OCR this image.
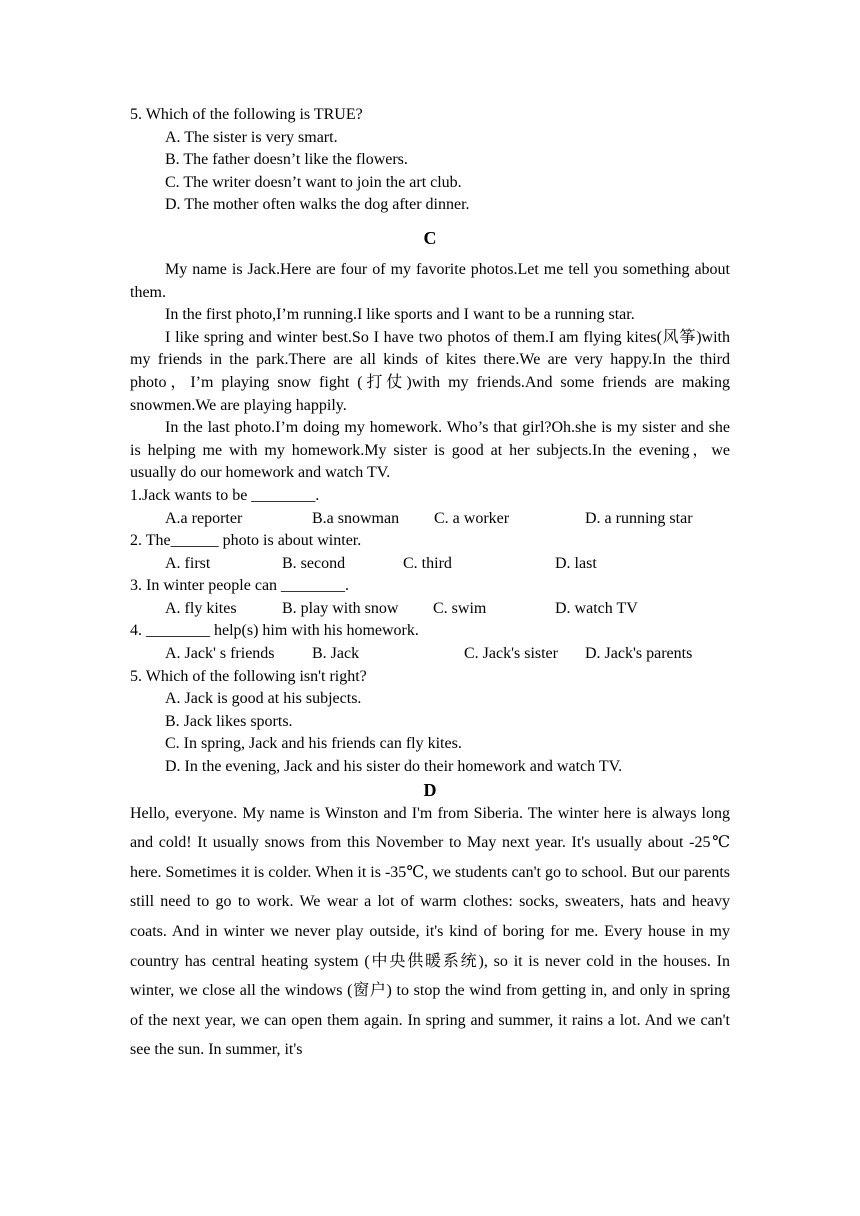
5. Which of the following is TRUE?
A. The sister is very smart.
B. The father doesn’t like the flowers.
C. The writer doesn’t want to join the art club.
D. The mother often walks the dog after dinner.
C
My name is Jack.Here are four of my favorite photos.Let me tell you something about them.
In the first photo,I’m running.I like sports and I want to be a running star.
I like spring and winter best.So I have two photos of them.I am flying kites(风筝)with my friends in the park.There are all kinds of kites there.We are very happy.In the third photo，I’m playing snow fight (打仗)with my friends.And some friends are making snowmen.We are playing happily.
In the last photo.I’m doing my homework. Who’s that girl?Oh.she is my sister and she is helping me with my homework.My sister is good at her subjects.In the evening，we usually do our homework and watch TV.
1.Jack wants to be ________.
A.a reporter	B.a snowman	C. a worker	D. a running star
2. The______ photo is about winter.
A. first	B. second	C. third	D. last
3. In winter people can ________.
A. fly kites	B. play with snow	C. swim	D. watch TV
4. ________ help(s) him with his homework.
A. Jack' s friends	B. Jack	C. Jack's sister	D. Jack's parents
5. Which of the following isn't right?
A. Jack is good at his subjects.
B. Jack likes sports.
C. In spring, Jack and his friends can fly kites.
D. In the evening, Jack and his sister do their homework and watch TV.
D
Hello, everyone. My name is Winston and I'm from Siberia. The winter here is always long and cold! It usually snows from this November to May next year. It's usually about -25℃ here. Sometimes it is colder. When it is -35℃, we students can't go to school. But our parents still need to go to work. We wear a lot of warm clothes: socks, sweaters, hats and heavy coats. And in winter we never play outside, it's kind of boring for me. Every house in my country has central heating system (中央供暖系统), so it is never cold in the houses. In winter, we close all the windows (窗户) to stop the wind from getting in, and only in spring of the next year, we can open them again. In spring and summer, it rains a lot. And we can't see the sun. In summer, it's
